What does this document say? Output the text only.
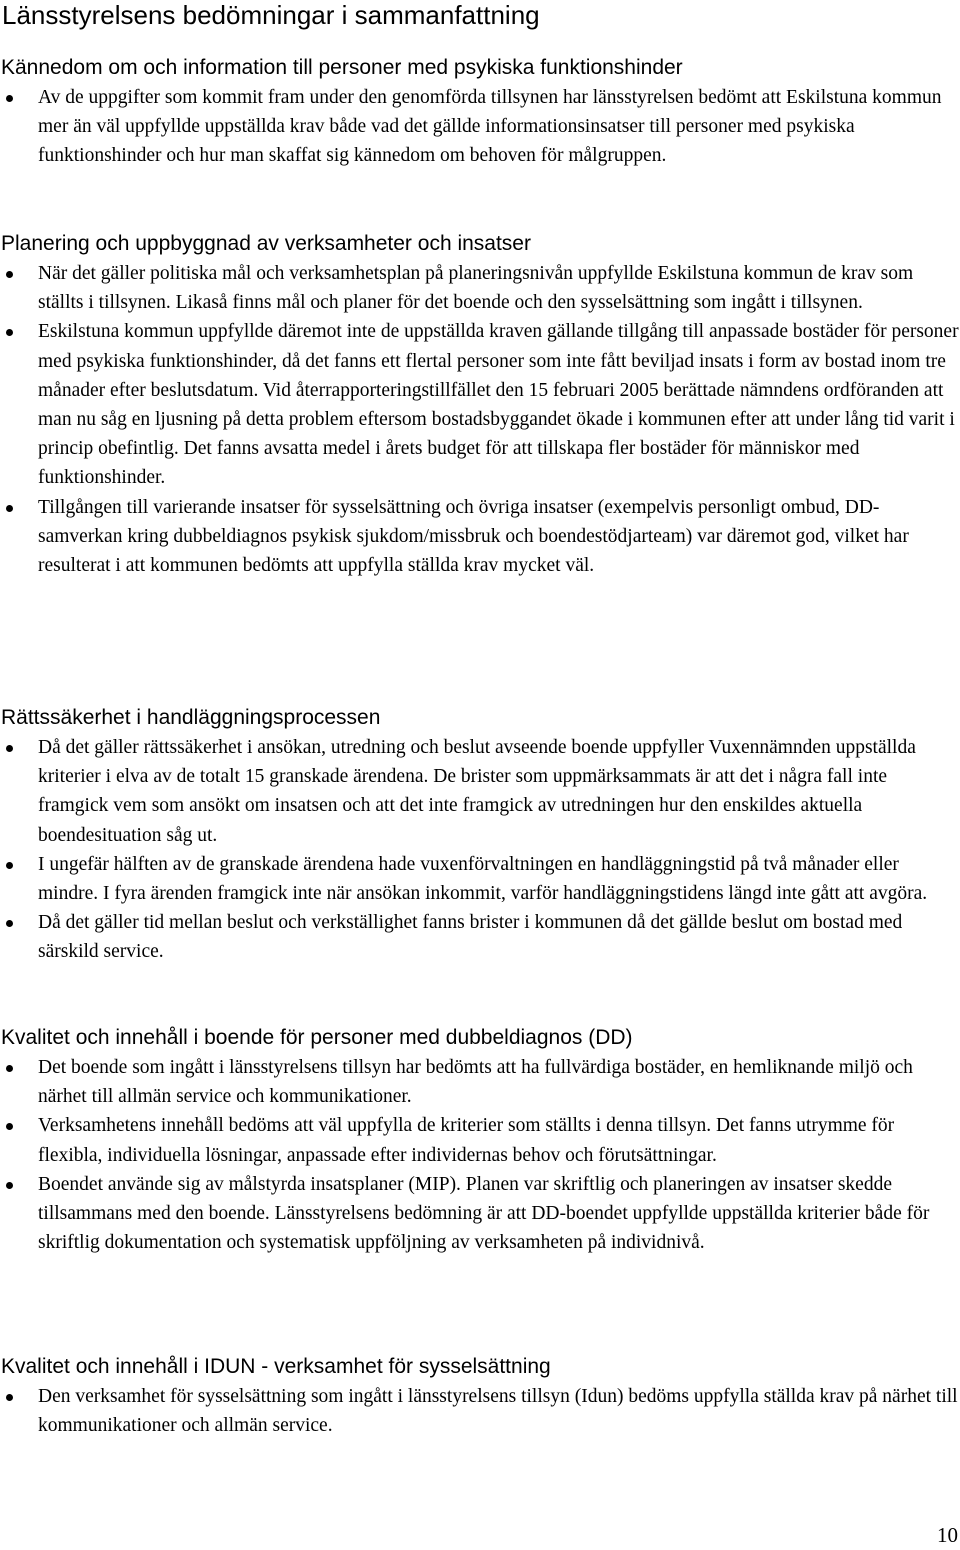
Länsstyrelsens bedömningar i sammanfattning
Kännedom om och information till personer med psykiska funktionshinder
Av de uppgifter som kommit fram under den genomförda tillsynen har länsstyrelsen bedömt att Eskilstuna kommun mer än väl uppfyllde uppställda krav både vad det gällde informationsinsatser till personer med psykiska funktionshinder och hur man skaffat sig kännedom om behoven för målgruppen.
Planering och uppbyggnad av verksamheter och insatser
När det gäller politiska mål och verksamhetsplan på planeringsnivån uppfyllde Eskilstuna kommun de krav som ställts i tillsynen. Likaså finns mål och planer för det boende och den sysselsättning som ingått i tillsynen.
Eskilstuna kommun uppfyllde däremot inte de uppställda kraven gällande tillgång till anpassade bostäder för personer med psykiska funktionshinder, då det fanns ett flertal personer som inte fått beviljad insats i form av bostad inom tre månader efter beslutsdatum. Vid återrapporteringstillfället den 15 februari 2005 berättade nämndens ordföranden att man nu såg en ljusning på detta problem eftersom bostadsbyggandet ökade i kommunen efter att under lång tid varit i princip obefintlig. Det fanns avsatta medel i årets budget för att tillskapa fler bostäder för människor med funktionshinder.
Tillgången till varierande insatser för sysselsättning och övriga insatser (exempelvis personligt ombud, DD-samverkan kring dubbeldiagnos psykisk sjukdom/missbruk och boendestödjarteam) var däremot god, vilket har resulterat i att kommunen bedömts att uppfylla ställda krav mycket väl.
Rättssäkerhet i handläggningsprocessen
Då det gäller rättssäkerhet i ansökan, utredning och beslut avseende boende uppfyller Vuxennämnden uppställda kriterier i elva av de totalt 15 granskade ärendena. De brister som uppmärksammats är att det i några fall inte framgick vem som ansökt om insatsen och att det inte framgick av utredningen hur den enskildes aktuella boendesituation såg ut.
I ungefär hälften av de granskade ärendena hade vuxenförvaltningen en handläggningstid på två månader eller mindre. I fyra ärenden framgick inte när ansökan inkommit, varför handläggningstidens längd inte gått att avgöra.
Då det gäller tid mellan beslut och verkställighet fanns brister i kommunen då det gällde beslut om bostad med särskild service.
Kvalitet och innehåll i boende för personer med dubbeldiagnos (DD)
Det boende som ingått i länsstyrelsens tillsyn har bedömts att ha fullvärdiga bostäder, en hemliknande miljö och närhet till allmän service och kommunikationer.
Verksamhetens innehåll bedöms att väl uppfylla de kriterier som ställts i denna tillsyn. Det fanns utrymme för flexibla, individuella lösningar, anpassade efter individernas behov och förutsättningar.
Boendet använde sig av målstyrda insatsplaner (MIP). Planen var skriftlig och planeringen av insatser skedde tillsammans med den boende. Länsstyrelsens bedömning är att DD-boendet uppfyllde uppställda kriterier både för skriftlig dokumentation och systematisk uppföljning av verksamheten på individnivå.
Kvalitet och innehåll i IDUN - verksamhet för sysselsättning
Den verksamhet för sysselsättning som ingått i länsstyrelsens tillsyn (Idun) bedöms uppfylla ställda krav på närhet till kommunikationer och allmän service.
10
